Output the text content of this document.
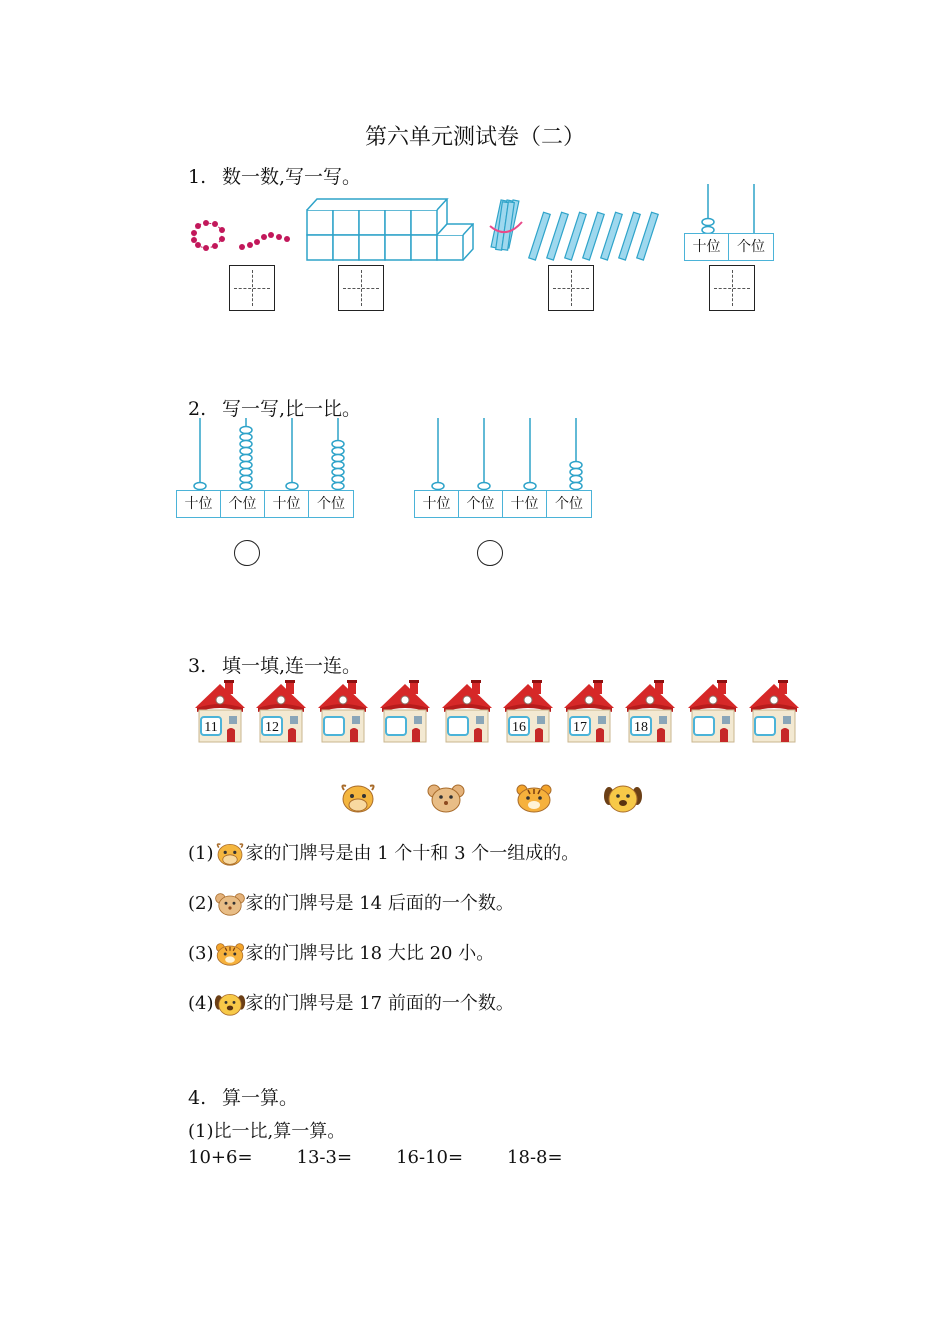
第六单元测试卷（二）
1. 数一数,写一写。
十位	个位
2. 写一写,比一比。
十位	个位	十位	个位	十位	个位	十位	个位
3. 填一填,连一连。
11	12	16	17	18
(1) 家的门牌号是由 1 个十和 3 个一组成的。
(2) 家的门牌号是 14 后面的一个数。
(3) 家的门牌号比 18 大比 20 小。
(4) 家的门牌号是 17 前面的一个数。
4. 算一算。
(1)比一比,算一算。
10+6= 13-3= 16-10= 18-8=
